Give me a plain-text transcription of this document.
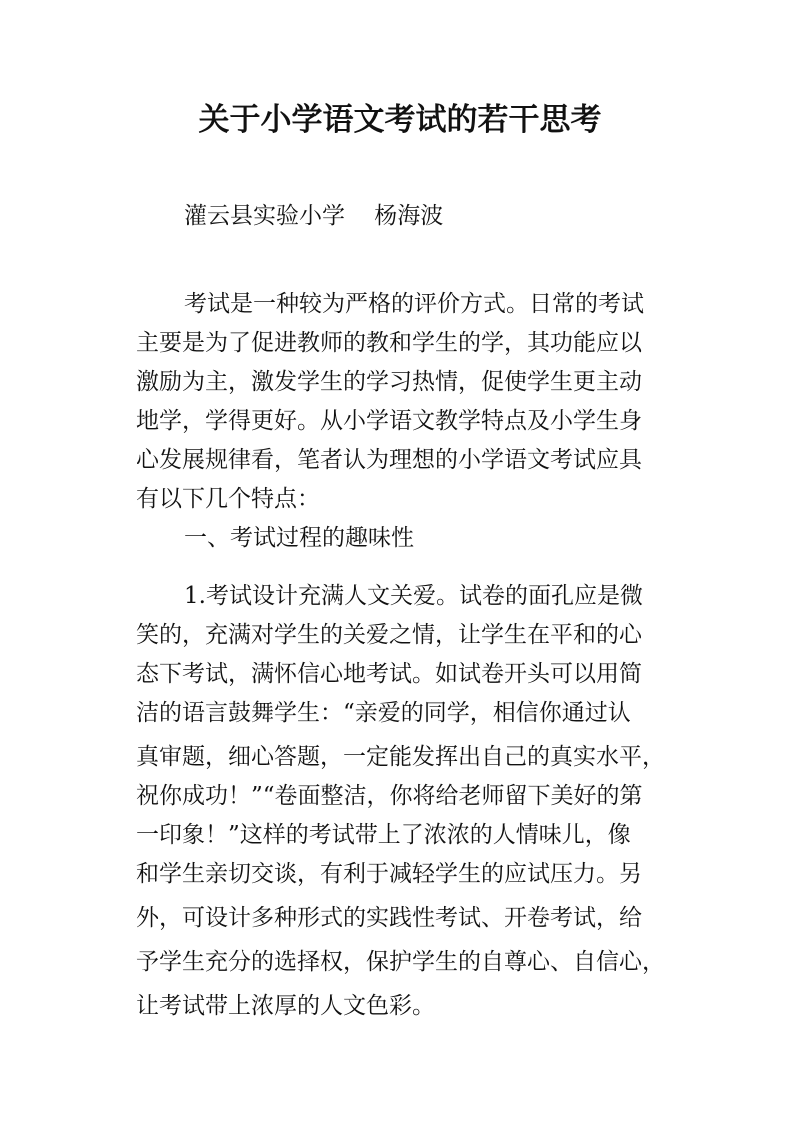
关于小学语文考试的若干思考

灌云县实验小学    杨海波

考试是一种较为严格的评价方式。日常的考试

主要是为了促进教师的教和学生的学，其功能应以

激励为主，激发学生的学习热情，促使学生更主动

地学，学得更好。从小学语文教学特点及小学生身

心发展规律看，笔者认为理想的小学语文考试应具

有以下几个特点：

一、考试过程的趣味性

1.考试设计充满人文关爱。试卷的面孔应是微

笑的，充满对学生的关爱之情，让学生在平和的心

态下考试，满怀信心地考试。如试卷开头可以用简

洁的语言鼓舞学生：“亲爱的同学，相信你通过认

真审题，细心答题，一定能发挥出自己的真实水平，

祝你成功！”“卷面整洁，你将给老师留下美好的第

一印象！”这样的考试带上了浓浓的人情味儿，像

和学生亲切交谈，有利于减轻学生的应试压力。另

外，可设计多种形式的实践性考试、开卷考试，给

予学生充分的选择权，保护学生的自尊心、自信心，

让考试带上浓厚的人文色彩。
